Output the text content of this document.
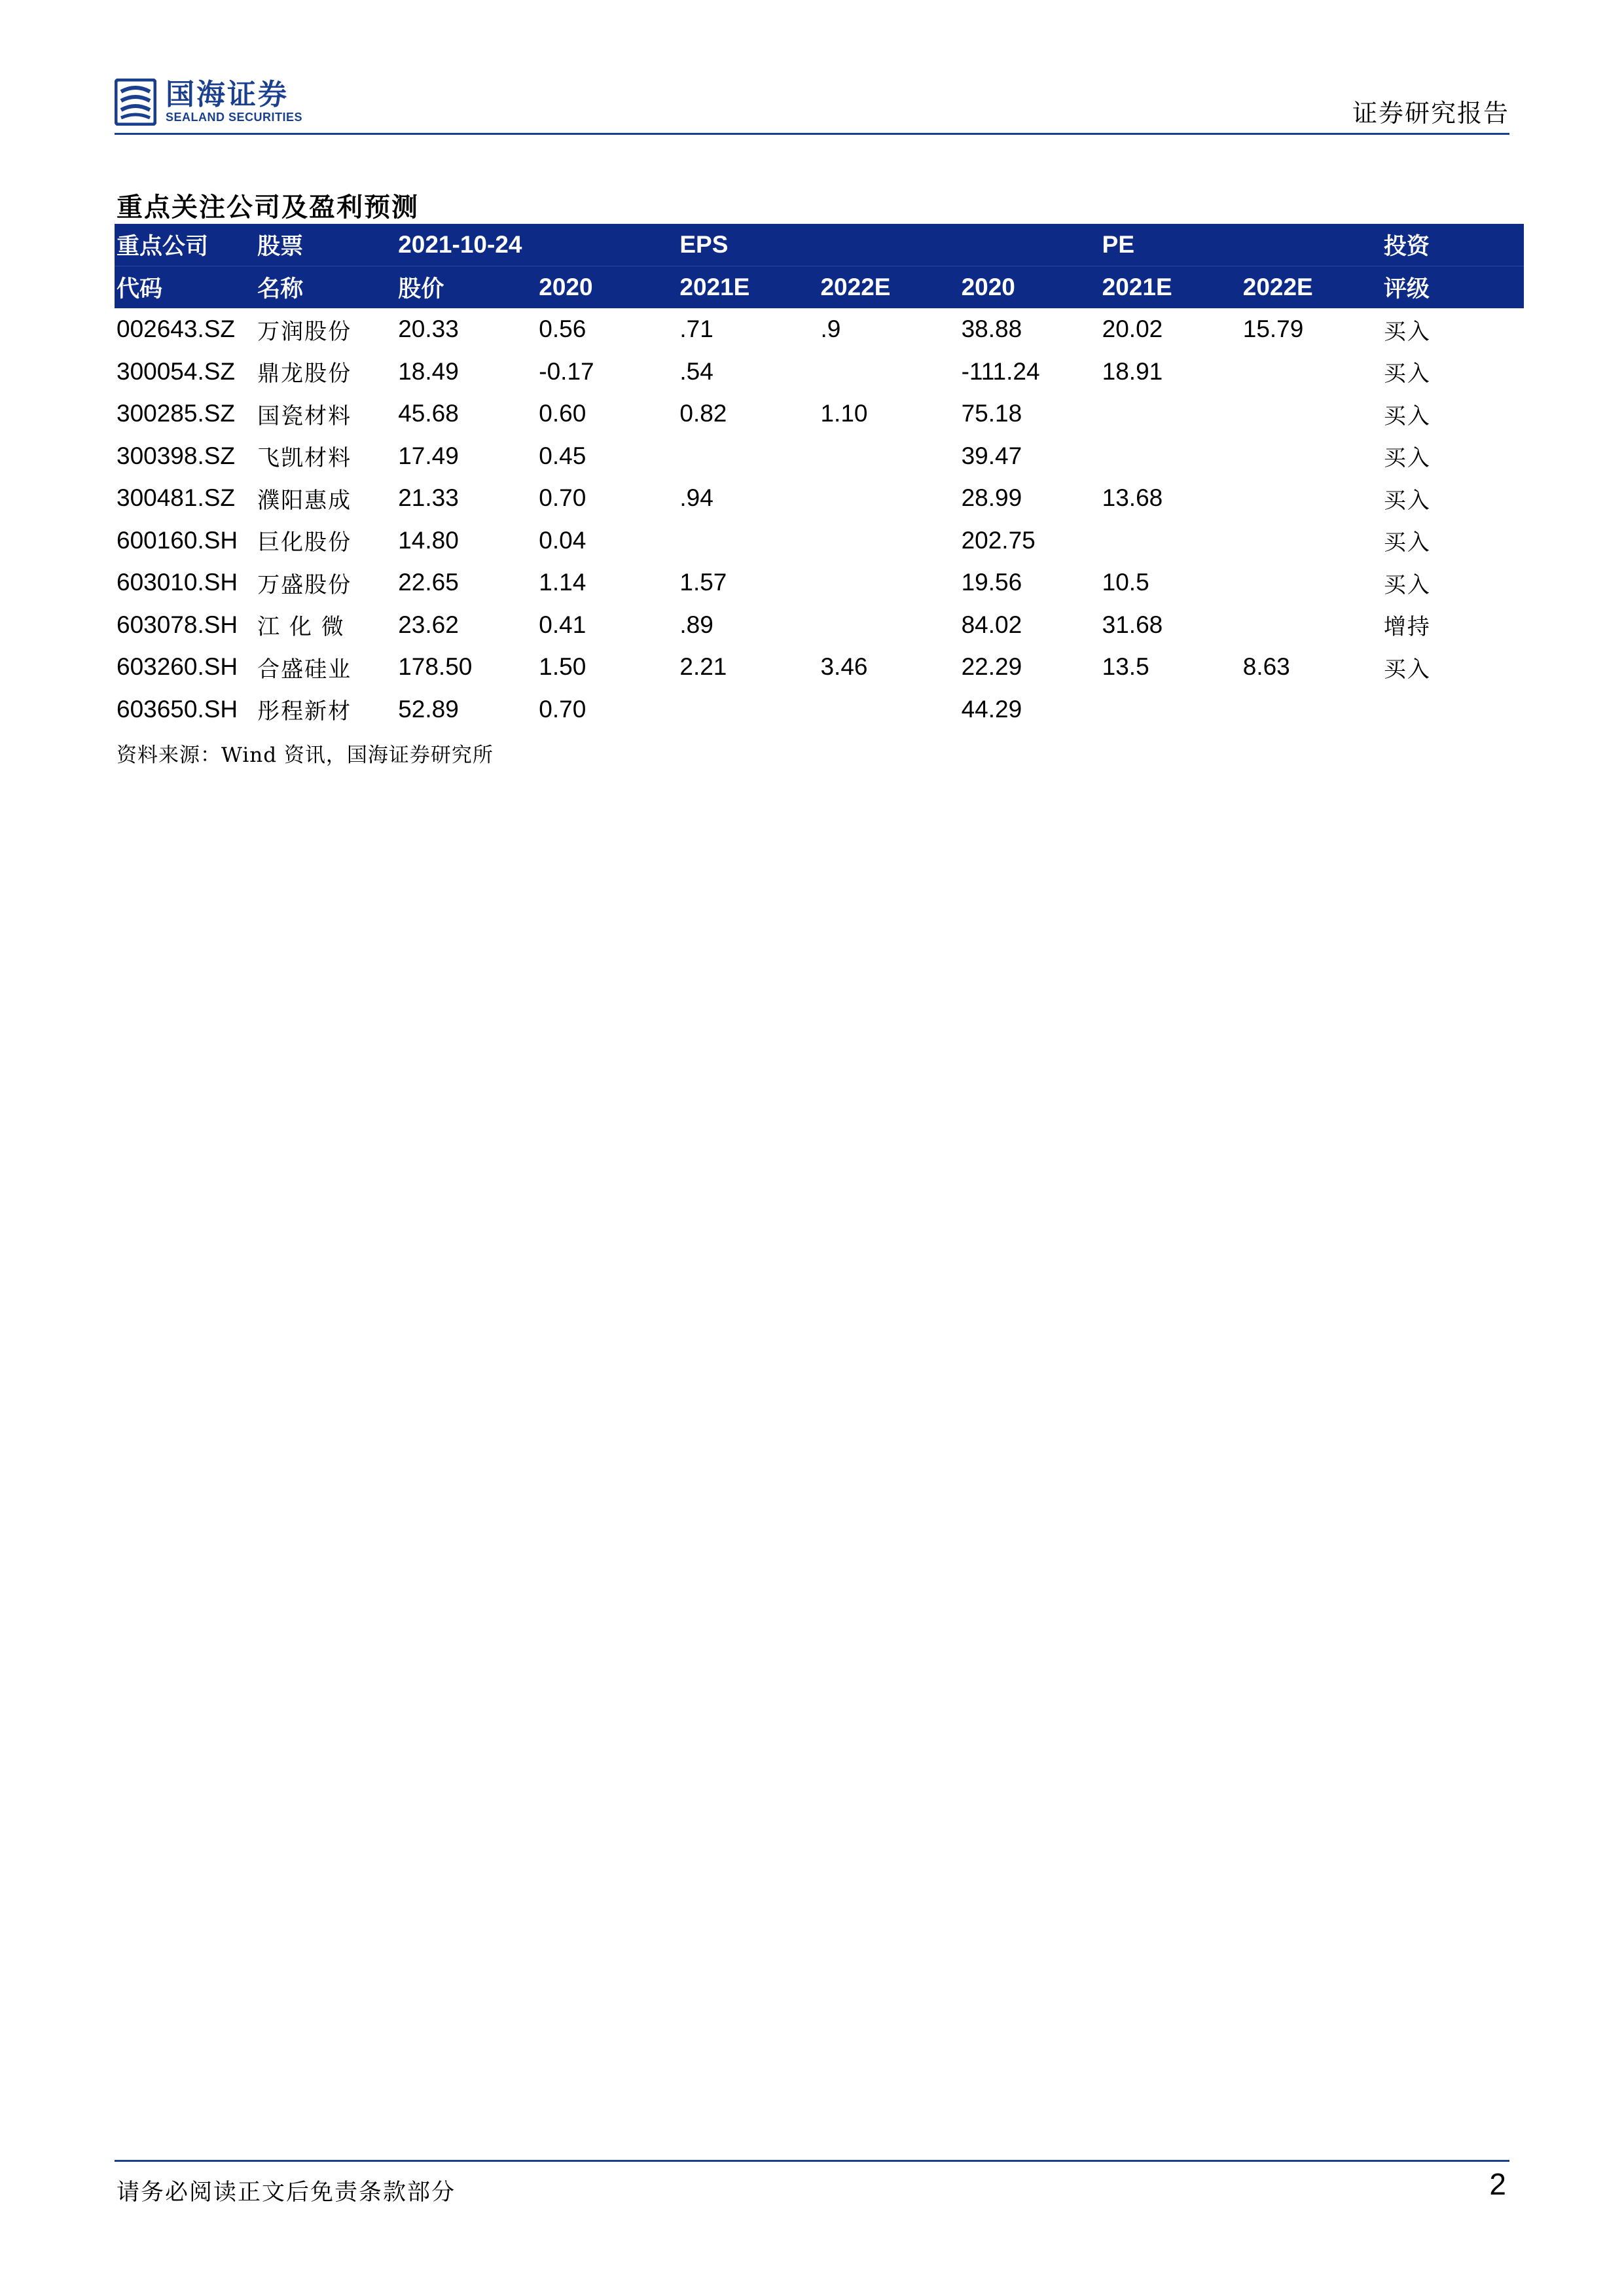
国海证券
SEALAND SECURITIES	证券研究报告
重点关注公司及盈利预测
重点公司	股票	2021-10-24		EPS			PE		投资
代码	名称	股价	2020	2021E	2022E	2020	2021E	2022E	评级
002643.SZ	万润股份	20.33	0.56	.71	.9	38.88	20.02	15.79	买入
300054.SZ	鼎龙股份	18.49	-0.17	.54		-111.24	18.91		买入
300285.SZ	国瓷材料	45.68	0.60	0.82	1.10	75.18			买入
300398.SZ	飞凯材料	17.49	0.45			39.47			买入
300481.SZ	濮阳惠成	21.33	0.70	.94		28.99	13.68		买入
600160.SH	巨化股份	14.80	0.04			202.75			买入
603010.SH	万盛股份	22.65	1.14	1.57		19.56	10.5		买入
603078.SH	江 化 微	23.62	0.41	.89		84.02	31.68		增持
603260.SH	合盛硅业	178.50	1.50	2.21	3.46	22.29	13.5	8.63	买入
603650.SH	彤程新材	52.89	0.70			44.29			
资料来源：Wind 资讯，国海证券研究所
请务必阅读正文后免责条款部分	2
